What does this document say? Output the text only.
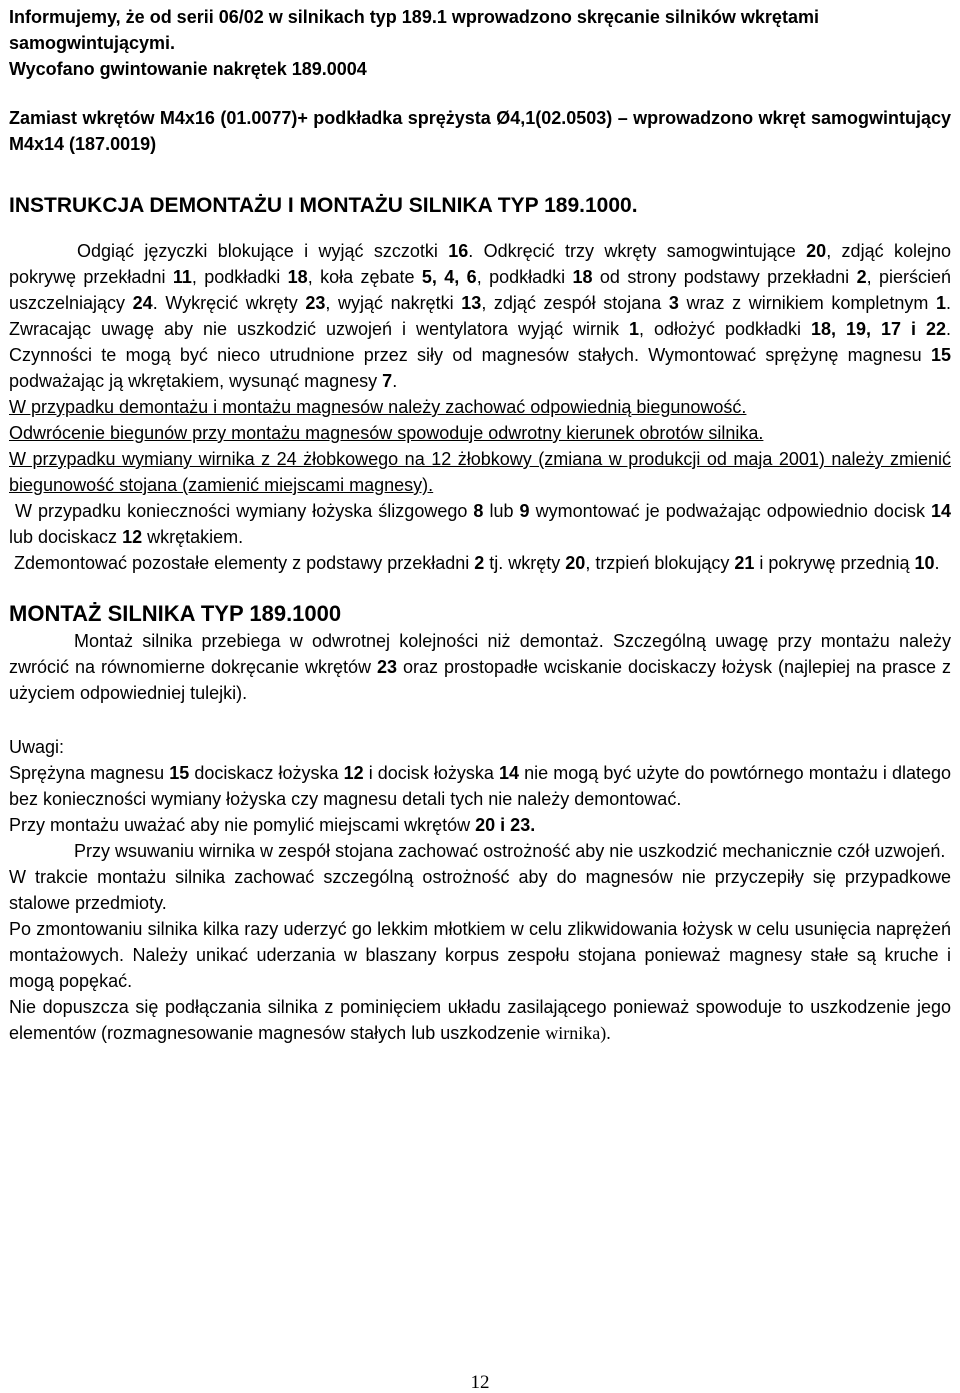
Informujemy, że od serii 06/02 w silnikach typ 189.1 wprowadzono skręcanie silników wkrętami samogwintującymi.
Wycofano gwintowanie nakrętek 189.0004
Zamiast wkrętów M4x16 (01.0077)+ podkładka sprężysta Ø4,1(02.0503) – wprowadzono wkręt samogwintujący M4x14 (187.0019)
INSTRUKCJA DEMONTAŻU I MONTAŻU SILNIKA TYP 189.1000.
Odgiąć języczki blokujące i wyjąć szczotki 16. Odkręcić trzy wkręty samogwintujące 20, zdjąć kolejno pokrywę przekładni 11, podkładki 18, koła zębate 5, 4, 6, podkładki 18 od strony podstawy przekładni 2, pierścień uszczelniający 24. Wykręcić wkręty 23, wyjąć nakrętki 13, zdjąć zespół stojana 3 wraz z wirnikiem kompletnym 1. Zwracając uwagę aby nie uszkodzić uzwojeń i wentylatora wyjąć wirnik 1, odłożyć podkładki 18, 19, 17 i 22. Czynności te mogą być nieco utrudnione przez siły od magnesów stałych. Wymontować sprężynę magnesu 15 podważając ją wkrętakiem, wysunąć magnesy 7.
W przypadku demontażu i montażu magnesów należy zachować odpowiednią biegunowość.
Odwrócenie biegunów przy montażu magnesów spowoduje odwrotny kierunek obrotów silnika.
W przypadku wymiany wirnika z 24 żłobkowego na 12 żłobkowy (zmiana w produkcji od maja 2001) należy zmienić biegunowość stojana (zamienić miejscami magnesy).
W przypadku konieczności wymiany łożyska ślizgowego 8 lub 9 wymontować je podważając odpowiednio docisk 14 lub dociskacz 12 wkrętakiem.
Zdemontować pozostałe elementy z podstawy przekładni 2 tj. wkręty 20, trzpień blokujący 21 i pokrywę przednią 10.
MONTAŻ SILNIKA TYP 189.1000
Montaż silnika przebiega w odwrotnej kolejności niż demontaż. Szczególną uwagę przy montażu należy zwrócić na równomierne dokręcanie wkrętów 23 oraz prostopadłe wciskanie dociskaczy łożysk (najlepiej na prasce z użyciem odpowiedniej tulejki).
Uwagi:
Sprężyna magnesu 15 dociskacz łożyska 12 i docisk łożyska 14 nie mogą być użyte do powtórnego montażu i dlatego bez konieczności wymiany łożyska czy magnesu detali tych nie należy demontować.
Przy montażu uważać aby nie pomylić miejscami wkrętów 20 i 23.
Przy wsuwaniu wirnika w zespół stojana zachować ostrożność aby nie uszkodzić mechanicznie czół uzwojeń.
W trakcie montażu silnika zachować szczególną ostrożność aby do magnesów nie przyczepiły się przypadkowe stalowe przedmioty.
Po zmontowaniu silnika kilka razy uderzyć go lekkim młotkiem w celu zlikwidowania łożysk w celu usunięcia naprężeń montażowych. Należy unikać uderzania w blaszany korpus zespołu stojana ponieważ magnesy stałe są kruche i mogą popękać.
Nie dopuszcza się podłączania silnika z pominięciem układu zasilającego ponieważ spowoduje to uszkodzenie jego elementów (rozmagnesowanie magnesów stałych lub uszkodzenie wirnika).
12
